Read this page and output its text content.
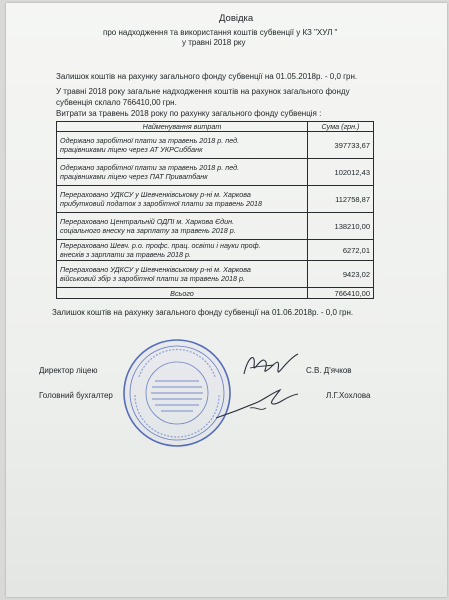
Довідка
про надходження та використання коштів субвенції у КЗ "ХУЛ "
у травні 2018 рку
Залишок коштів на рахунку загального фонду субвенції на 01.05.2018р. - 0,0 грн.
У травні 2018 року загальне надходження коштів на рахунок загального фонду
субвенція склало 766410,00 грн.
Витрати за травень 2018 року по рахунку загального фонду субвенція :
Найменування витрат	Сума (грн.)

Одержано заробітної плати за травень 2018 р. пед.
працівниками ліцею через АТ УКРСиббанк	397733,67

Одержано заробітної плати за травень 2018 р. пед.
працівниками ліцею через ПАТ Приватбанк	102012,43

Перераховано УДКСУ у Шевченківському р-ні м. Харкова
прибутковий податок з заробітної плати за травень 2018	112758,87

Перераховано Центральній ОДПІ м. Харкова Єдин.
соціального внеску на зарплату за травень 2018 р.	138210,00

Перераховано Шевч. р.о. профс. прац. освіти і науки проф.
внесків з зарплати за травень 2018 р.	6272,01

Перераховано УДКСУ у Шевченківському р-ні м. Харкова
військовий збір з заробітної плати за травень 2018 р.	9423,02
Всього	766410,00
Залишок коштів на рахунку загального фонду субвенції на 01.06.2018р. - 0,0 грн.
Директор ліцею	С.В. Д'ячков
Головний бухгалтер	Л.Г.Хохлова
